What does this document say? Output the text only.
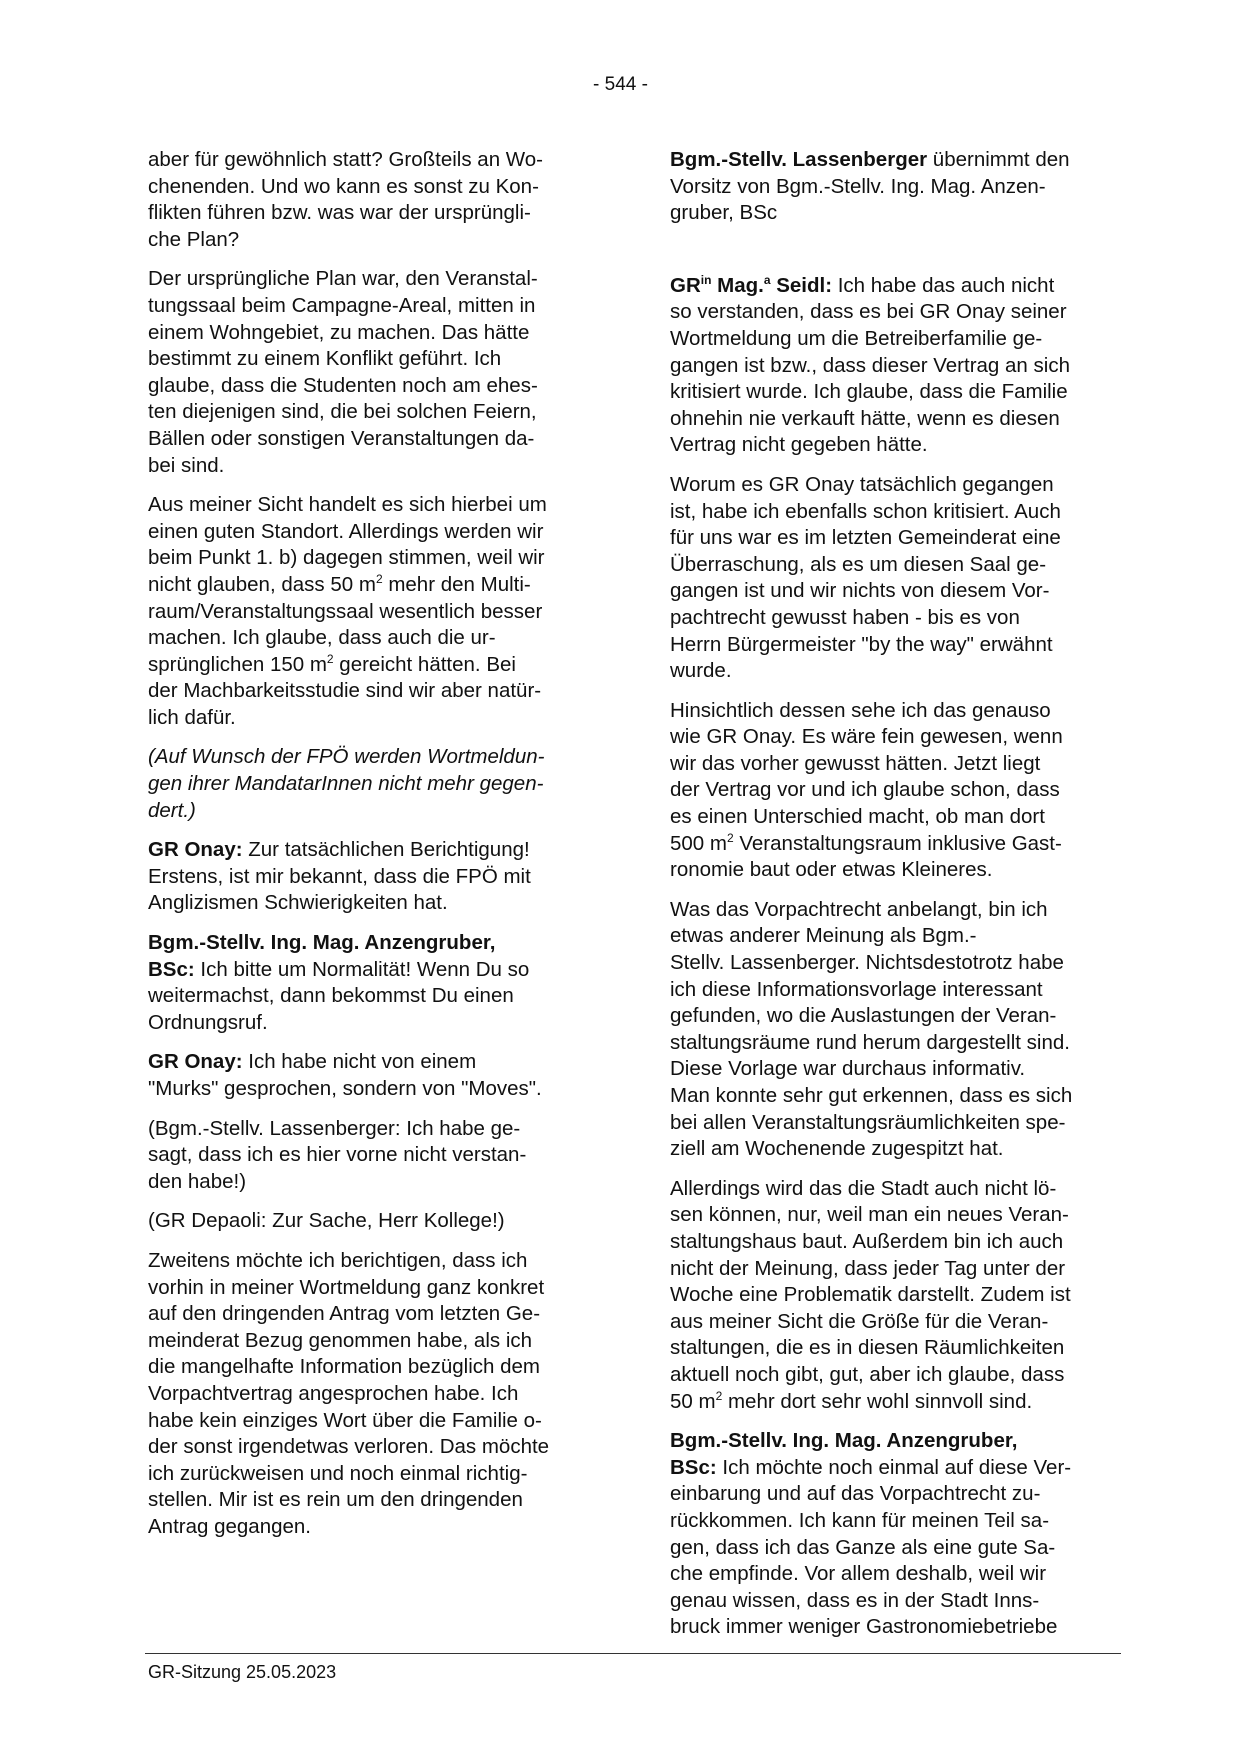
- 544 -

aber für gewöhnlich statt? Großteils an Wo-
chenenden. Und wo kann es sonst zu Kon-
flikten führen bzw. was war der ursprüngli-
che Plan?

Der ursprüngliche Plan war, den Veranstal-
tungssaal beim Campagne-Areal, mitten in
einem Wohngebiet, zu machen. Das hätte
bestimmt zu einem Konflikt geführt. Ich
glaube, dass die Studenten noch am ehes-
ten diejenigen sind, die bei solchen Feiern,
Bällen oder sonstigen Veranstaltungen da-
bei sind.

Aus meiner Sicht handelt es sich hierbei um
einen guten Standort. Allerdings werden wir
beim Punkt 1. b) dagegen stimmen, weil wir
nicht glauben, dass 50 $m^2$ mehr den Multi-
raum/Veranstaltungssaal wesentlich besser
machen. Ich glaube, dass auch die ur-
sprünglichen 150 $m^2$ gereicht hätten. Bei
der Machbarkeitsstudie sind wir aber natür-
lich dafür.

(Auf Wunsch der FPÖ werden Wortmeldun-
gen ihrer MandatarInnen nicht mehr gegen-
dert.)

GR Onay: Zur tatsächlichen Berichtigung!
Erstens, ist mir bekannt, dass die FPÖ mit
Anglizismen Schwierigkeiten hat.

Bgm.-Stellv. Ing. Mag. Anzengruber,
BSc: Ich bitte um Normalität! Wenn Du so
weitermachst, dann bekommst Du einen
Ordnungsruf.

GR Onay: Ich habe nicht von einem
"Murks" gesprochen, sondern von "Moves".

(Bgm.-Stellv. Lassenberger: Ich habe ge-
sagt, dass ich es hier vorne nicht verstan-
den habe!)

(GR Depaoli: Zur Sache, Herr Kollege!)

Zweitens möchte ich berichtigen, dass ich
vorhin in meiner Wortmeldung ganz konkret
auf den dringenden Antrag vom letzten Ge-
meinderat Bezug genommen habe, als ich
die mangelhafte Information bezüglich dem
Vorpachtvertrag angesprochen habe. Ich
habe kein einziges Wort über die Familie o-
der sonst irgendetwas verloren. Das möchte
ich zurückweisen und noch einmal richtig-
stellen. Mir ist es rein um den dringenden
Antrag gegangen.

Bgm.-Stellv. Lassenberger übernimmt den
Vorsitz von Bgm.-Stellv. Ing. Mag. Anzen-
gruber, BSc

$GR^{in}$ Mag.$^a$ Seidl: Ich habe das auch nicht
so verstanden, dass es bei GR Onay seiner
Wortmeldung um die Betreiberfamilie ge-
gangen ist bzw., dass dieser Vertrag an sich
kritisiert wurde. Ich glaube, dass die Familie
ohnehin nie verkauft hätte, wenn es diesen
Vertrag nicht gegeben hätte.

Worum es GR Onay tatsächlich gegangen
ist, habe ich ebenfalls schon kritisiert. Auch
für uns war es im letzten Gemeinderat eine
Überraschung, als es um diesen Saal ge-
gangen ist und wir nichts von diesem Vor-
pachtrecht gewusst haben - bis es von
Herrn Bürgermeister "by the way" erwähnt
wurde.

Hinsichtlich dessen sehe ich das genauso
wie GR Onay. Es wäre fein gewesen, wenn
wir das vorher gewusst hätten. Jetzt liegt
der Vertrag vor und ich glaube schon, dass
es einen Unterschied macht, ob man dort
500 $m^2$ Veranstaltungsraum inklusive Gast-
ronomie baut oder etwas Kleineres.

Was das Vorpachtrecht anbelangt, bin ich
etwas anderer Meinung als Bgm.-
Stellv. Lassenberger. Nichtsdestotrotz habe
ich diese Informationsvorlage interessant
gefunden, wo die Auslastungen der Veran-
staltungsräume rund herum dargestellt sind.
Diese Vorlage war durchaus informativ.
Man konnte sehr gut erkennen, dass es sich
bei allen Veranstaltungsräumlichkeiten spe-
ziell am Wochenende zugespitzt hat.

Allerdings wird das die Stadt auch nicht lö-
sen können, nur, weil man ein neues Veran-
staltungshaus baut. Außerdem bin ich auch
nicht der Meinung, dass jeder Tag unter der
Woche eine Problematik darstellt. Zudem ist
aus meiner Sicht die Größe für die Veran-
staltungen, die es in diesen Räumlichkeiten
aktuell noch gibt, gut, aber ich glaube, dass
50 $m^2$ mehr dort sehr wohl sinnvoll sind.

Bgm.-Stellv. Ing. Mag. Anzengruber,
BSc: Ich möchte noch einmal auf diese Ver-
einbarung und auf das Vorpachtrecht zu-
rückkommen. Ich kann für meinen Teil sa-
gen, dass ich das Ganze als eine gute Sa-
che empfinde. Vor allem deshalb, weil wir
genau wissen, dass es in der Stadt Inns-
bruck immer weniger Gastronomiebetriebe

GR-Sitzung 25.05.2023
